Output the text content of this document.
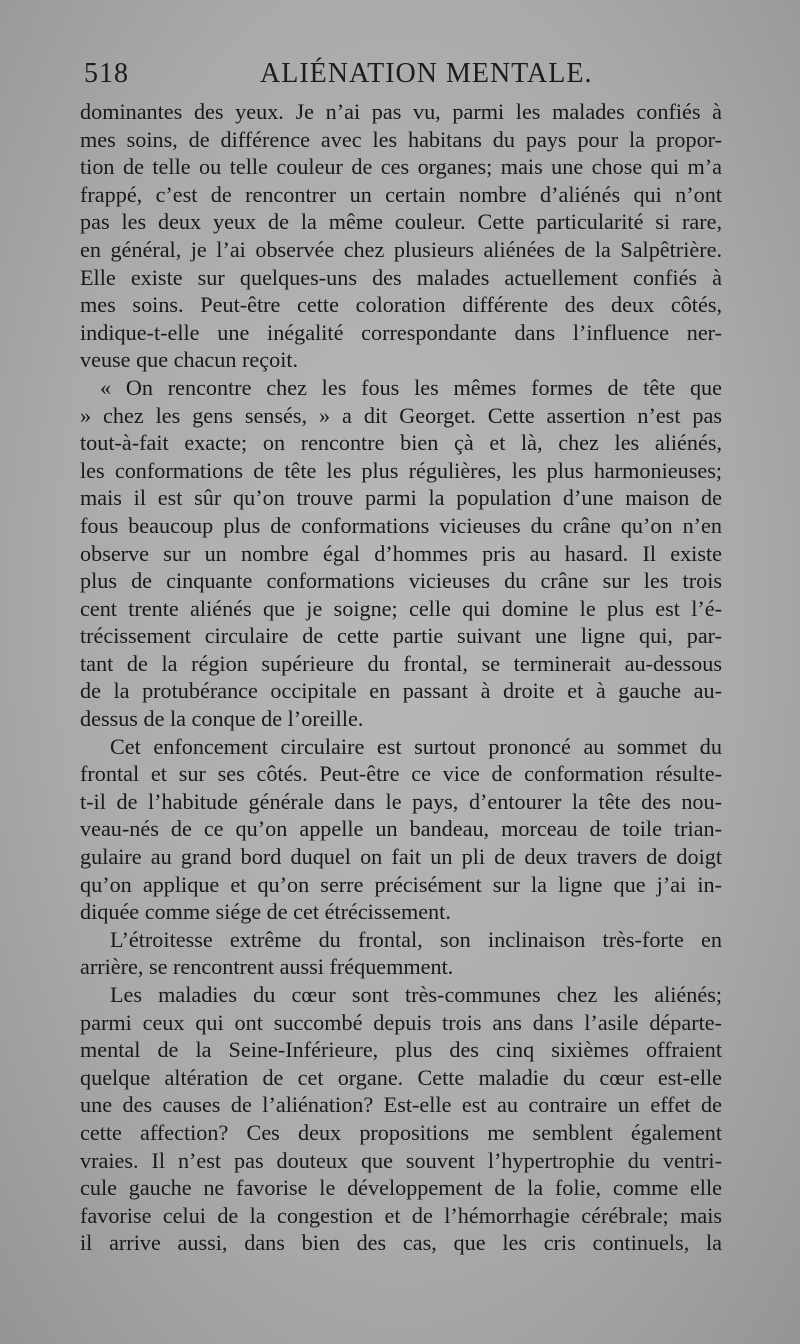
518	ALIÉNATION MENTALE.
dominantes des yeux. Je n’ai pas vu, parmi les malades confiés à
mes soins, de différence avec les habitans du pays pour la propor-
tion de telle ou telle couleur de ces organes; mais une chose qui m’a
frappé, c’est de rencontrer un certain nombre d’aliénés qui n’ont
pas les deux yeux de la même couleur. Cette particularité si rare,
en général, je l’ai observée chez plusieurs aliénées de la Salpêtrière.
Elle existe sur quelques-uns des malades actuellement confiés à
mes soins. Peut-être cette coloration différente des deux côtés,
indique-t-elle une inégalité correspondante dans l’influence ner-
veuse que chacun reçoit.
« On rencontre chez les fous les mêmes formes de tête que
» chez les gens sensés, » a dit Georget. Cette assertion n’est pas
tout-à-fait exacte; on rencontre bien çà et là, chez les aliénés,
les conformations de tête les plus régulières, les plus harmonieuses;
mais il est sûr qu’on trouve parmi la population d’une maison de
fous beaucoup plus de conformations vicieuses du crâne qu’on n’en
observe sur un nombre égal d’hommes pris au hasard. Il existe
plus de cinquante conformations vicieuses du crâne sur les trois
cent trente aliénés que je soigne; celle qui domine le plus est l’é-
trécissement circulaire de cette partie suivant une ligne qui, par-
tant de la région supérieure du frontal, se terminerait au-dessous
de la protubérance occipitale en passant à droite et à gauche au-
dessus de la conque de l’oreille.
Cet enfoncement circulaire est surtout prononcé au sommet du
frontal et sur ses côtés. Peut-être ce vice de conformation résulte-
t-il de l’habitude générale dans le pays, d’entourer la tête des nou-
veau-nés de ce qu’on appelle un bandeau, morceau de toile trian-
gulaire au grand bord duquel on fait un pli de deux travers de doigt
qu’on applique et qu’on serre précisément sur la ligne que j’ai in-
diquée comme siége de cet étrécissement.
L’étroitesse extrême du frontal, son inclinaison très-forte en
arrière, se rencontrent aussi fréquemment.
Les maladies du cœur sont très-communes chez les aliénés;
parmi ceux qui ont succombé depuis trois ans dans l’asile départe-
mental de la Seine-Inférieure, plus des cinq sixièmes offraient
quelque altération de cet organe. Cette maladie du cœur est-elle
une des causes de l’aliénation? Est-elle est au contraire un effet de
cette affection? Ces deux propositions me semblent également
vraies. Il n’est pas douteux que souvent l’hypertrophie du ventri-
cule gauche ne favorise le développement de la folie, comme elle
favorise celui de la congestion et de l’hémorrhagie cérébrale; mais
il arrive aussi, dans bien des cas, que les cris continuels, la
